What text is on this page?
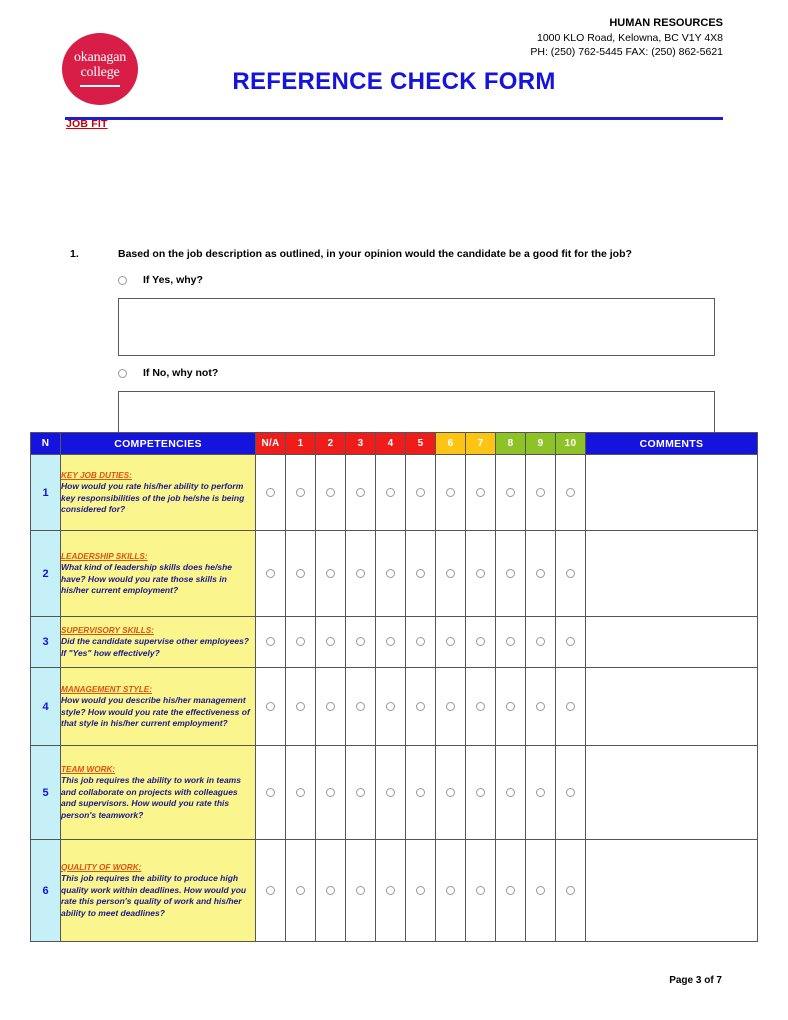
okanagan
college
HUMAN RESOURCES
1000 KLO Road, Kelowna, BC V1Y 4X8
PH: (250) 762-5445 FAX: (250) 862-5621
REFERENCE CHECK FORM
JOB FIT
1.	Based on the job description as outlined, in your opinion would the candidate be a good fit for the job?
If Yes, why?
If No, why not?
N	COMPETENCIES	N/A	1	2	3	4	5	6	7	8	9	10	COMMENTS
1	KEY JOB DUTIES:
How would you rate his/her ability to perform key responsibilities of the job he/she is being considered for?												

2	LEADERSHIP SKILLS:
What kind of leadership skills does he/she have? How would you rate those skills in his/her current employment?												

3	SUPERVISORY SKILLS:
Did the candidate supervise other employees? If "Yes" how effectively?												

4	MANAGEMENT STYLE:
How would you describe his/her management style? How would you rate the effectiveness of that style in his/her current employment?												

5	TEAM WORK:
This job requires the ability to work in teams and collaborate on projects with colleagues and supervisors. How would you rate this person's teamwork?												

6	QUALITY OF WORK:
This job requires the ability to produce high quality work within deadlines. How would you rate this person's quality of work and his/her ability to meet deadlines?												

Page 3 of 7
